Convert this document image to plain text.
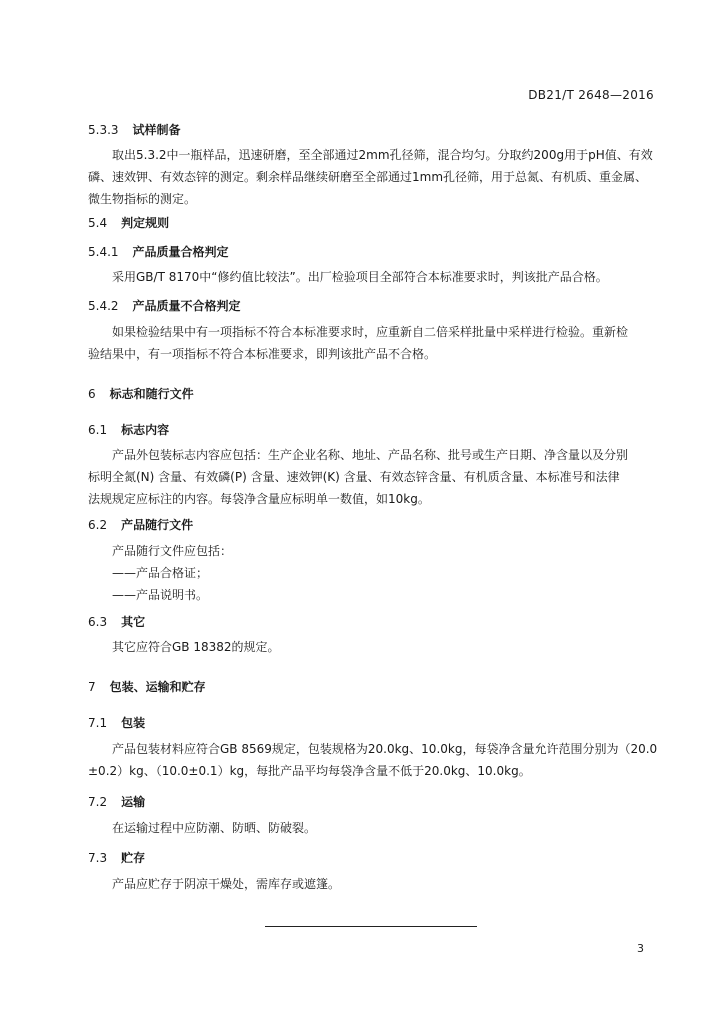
DB21/T 2648—2016
5.3.3 试样制备
取出5.3.2中一瓶样品，迅速研磨，至全部通过2mm孔径筛，混合均匀。分取约200g用于pH值、有效
磷、速效钾、有效态锌的测定。剩余样品继续研磨至全部通过1mm孔径筛，用于总氮、有机质、重金属、
微生物指标的测定。
5.4 判定规则
5.4.1 产品质量合格判定
采用GB/T 8170中“修约值比较法”。出厂检验项目全部符合本标准要求时，判该批产品合格。
5.4.2 产品质量不合格判定
如果检验结果中有一项指标不符合本标准要求时，应重新自二倍采样批量中采样进行检验。重新检
验结果中，有一项指标不符合本标准要求，即判该批产品不合格。
6 标志和随行文件
6.1 标志内容
产品外包装标志内容应包括：生产企业名称、地址、产品名称、批号或生产日期、净含量以及分别
标明全氮(N) 含量、有效磷(P) 含量、速效钾(K) 含量、有效态锌含量、有机质含量、本标准号和法律
法规规定应标注的内容。每袋净含量应标明单一数值，如10kg。
6.2 产品随行文件
产品随行文件应包括：
——产品合格证；
——产品说明书。
6.3 其它
其它应符合GB 18382的规定。
7 包装、运输和贮存
7.1 包装
产品包装材料应符合GB 8569规定，包装规格为20.0kg、10.0kg，每袋净含量允许范围分别为（20.0
±0.2）kg、（10.0±0.1）kg，每批产品平均每袋净含量不低于20.0kg、10.0kg。
7.2 运输
在运输过程中应防潮、防晒、防破裂。
7.3 贮存
产品应贮存于阴凉干燥处，需库存或遮篷。
3
